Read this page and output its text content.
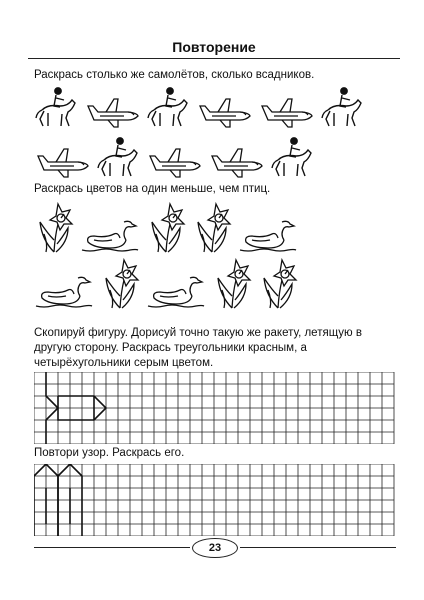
Повторение
Раскрась столько же самолётов, сколько всадников.
Раскрась цветов на один меньше, чем птиц.
Скопируй фигуру. Дорисуй точно такую же ракету, летящую в другую сторону. Раскрась треугольники красным, а четырёхугольники серым цветом.
Повтори узор. Раскрась его.
23
